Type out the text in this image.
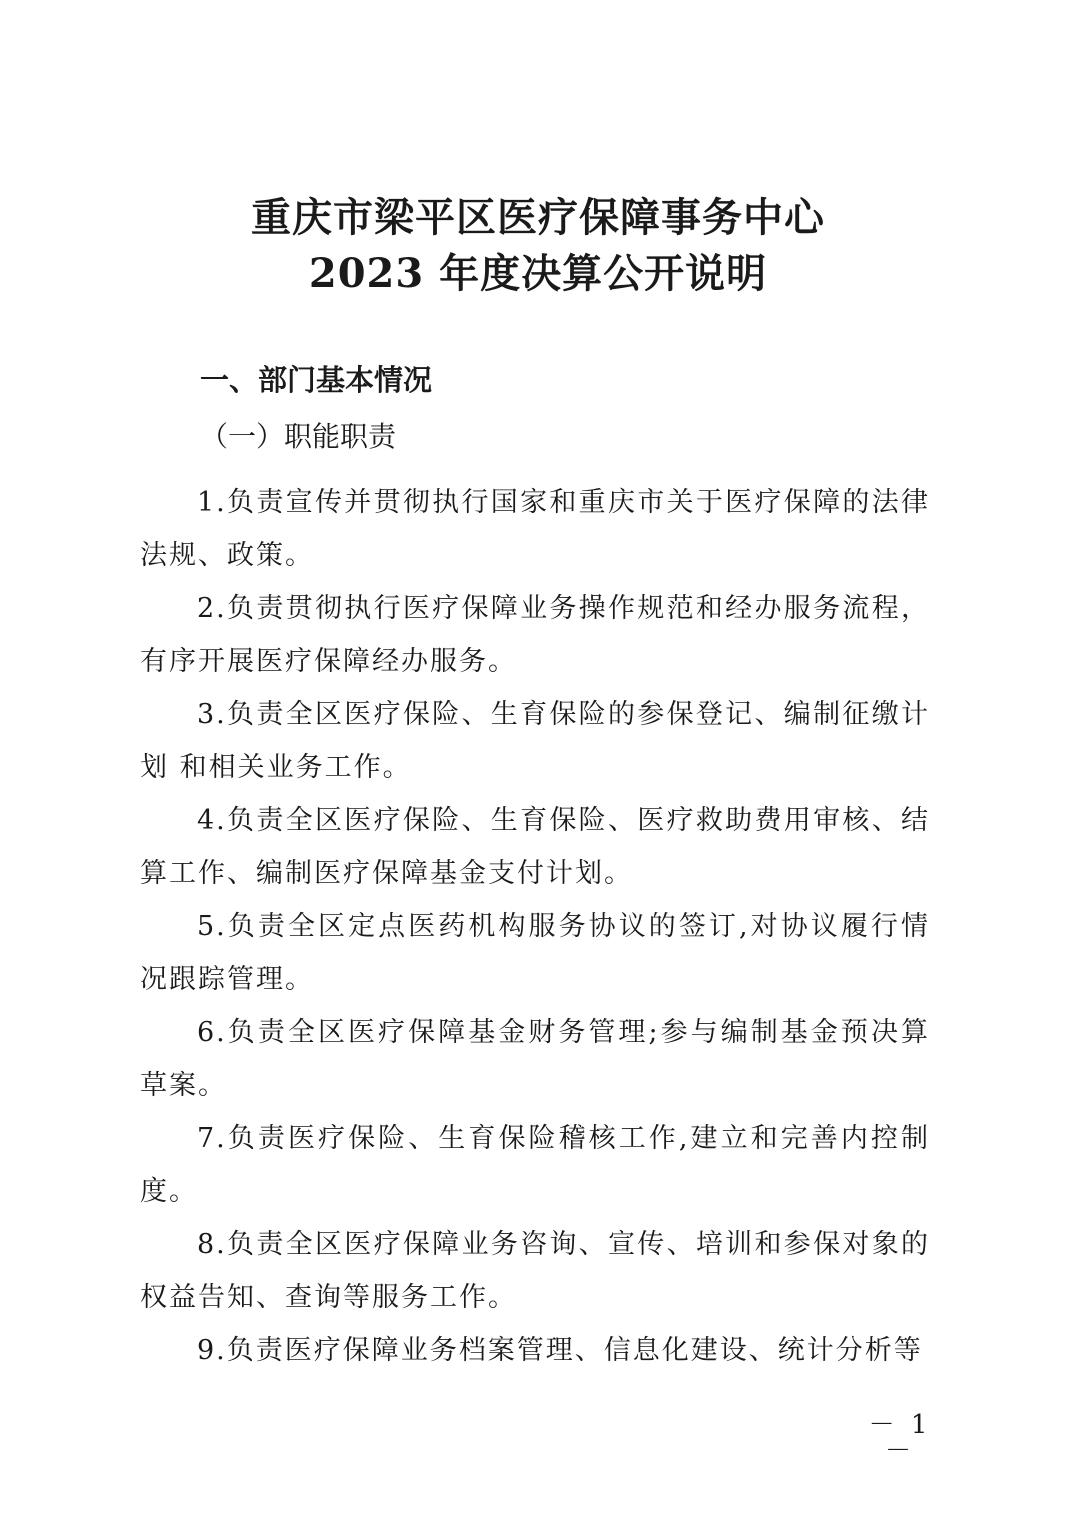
重庆市梁平区医疗保障事务中心
2023 年度决算公开说明
一、部门基本情况
（一）职能职责
1.负责宣传并贯彻执行国家和重庆市关于医疗保障的法律法规、政策。
2.负责贯彻执行医疗保障业务操作规范和经办服务流程，有序开展医疗保障经办服务。
3.负责全区医疗保险、生育保险的参保登记、编制征缴计划 和相关业务工作。
4.负责全区医疗保险、生育保险、医疗救助费用审核、结算工作、编制医疗保障基金支付计划。
5.负责全区定点医药机构服务协议的签订,对协议履行情况跟踪管理。
6.负责全区医疗保障基金财务管理;参与编制基金预决算草案。
7.负责医疗保险、生育保险稽核工作,建立和完善内控制度。
8.负责全区医疗保障业务咨询、宣传、培训和参保对象的权益告知、查询等服务工作。
9.负责医疗保障业务档案管理、信息化建设、统计分析等
－ 1 －
